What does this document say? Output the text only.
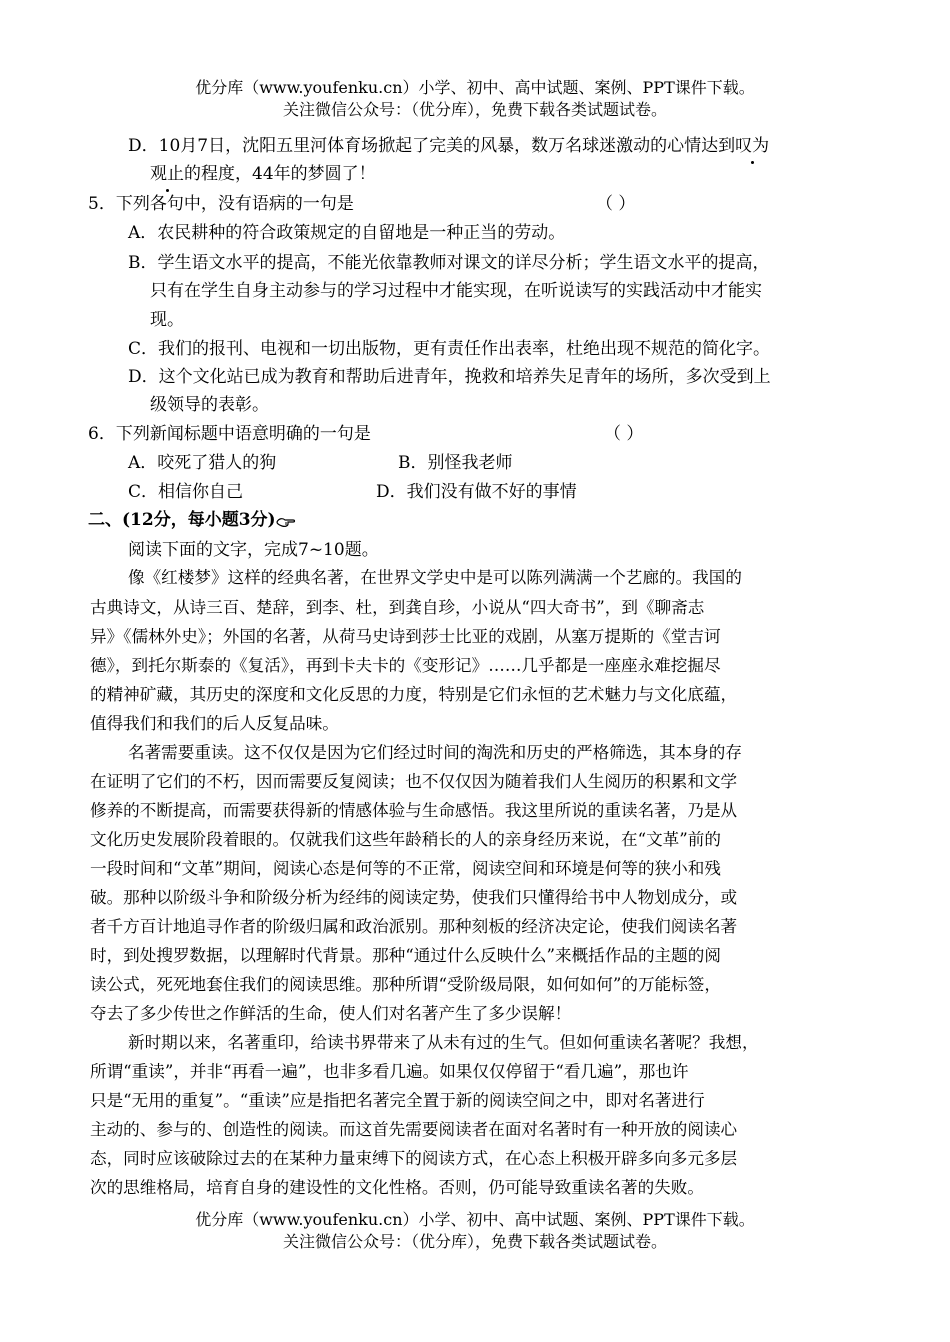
优分库（www.youfenku.cn）小学、初中、高中试题、案例、PPT课件下载。
关注微信公众号：（优分库），免费下载各类试题试卷。
D．10月7日，沈阳五里河体育场掀起了完美的风暴，数万名球迷激动的心情达到叹为
观止的程度，44年的梦圆了！
5．下列各句中，没有语病的一句是	（ ）
A．农民耕种的符合政策规定的自留地是一种正当的劳动。
B．学生语文水平的提高，不能光依靠教师对课文的详尽分析；学生语文水平的提高，
只有在学生自身主动参与的学习过程中才能实现，在听说读写的实践活动中才能实
现。
C．我们的报刊、电视和一切出版物，更有责任作出表率，杜绝出现不规范的简化字。
D．这个文化站已成为教育和帮助后进青年，挽救和培养失足青年的场所，多次受到上
级领导的表彰。
6．下列新闻标题中语意明确的一句是	（ ）
A．咬死了猎人的狗	B．别怪我老师
C．相信你自己	D．我们没有做不好的事情
二、(12分，每小题3分)
阅读下面的文字，完成7~10题。
像《红楼梦》这样的经典名著，在世界文学史中是可以陈列满满一个艺廊的。我国的
古典诗文，从诗三百、楚辞，到李、杜，到龚自珍，小说从“四大奇书”，到《聊斋志
异》《儒林外史》；外国的名著，从荷马史诗到莎士比亚的戏剧，从塞万提斯的《堂吉诃
德》，到托尔斯泰的《复活》，再到卡夫卡的《变形记》……几乎都是一座座永难挖掘尽
的精神矿藏，其历史的深度和文化反思的力度，特别是它们永恒的艺术魅力与文化底蕴，
值得我们和我们的后人反复品味。
名著需要重读。这不仅仅是因为它们经过时间的淘洗和历史的严格筛选，其本身的存
在证明了它们的不朽，因而需要反复阅读；也不仅仅因为随着我们人生阅历的积累和文学
修养的不断提高，而需要获得新的情感体验与生命感悟。我这里所说的重读名著，乃是从
文化历史发展阶段着眼的。仅就我们这些年龄稍长的人的亲身经历来说，在“文革”前的
一段时间和“文革”期间，阅读心态是何等的不正常，阅读空间和环境是何等的狭小和残
破。那种以阶级斗争和阶级分析为经纬的阅读定势，使我们只懂得给书中人物划成分，或
者千方百计地追寻作者的阶级归属和政治派别。那种刻板的经济决定论，使我们阅读名著
时，到处搜罗数据，以理解时代背景。那种“通过什么反映什么”来概括作品的主题的阅
读公式，死死地套住我们的阅读思维。那种所谓“受阶级局限，如何如何”的万能标签，
夺去了多少传世之作鲜活的生命，使人们对名著产生了多少误解！
新时期以来，名著重印，给读书界带来了从未有过的生气。但如何重读名著呢？我想，
所谓“重读”，并非“再看一遍”，也非多看几遍。如果仅仅停留于“看几遍”，那也许
只是“无用的重复”。“重读”应是指把名著完全置于新的阅读空间之中，即对名著进行
主动的、参与的、创造性的阅读。而这首先需要阅读者在面对名著时有一种开放的阅读心
态，同时应该破除过去的在某种力量束缚下的阅读方式，在心态上积极开辟多向多元多层
次的思维格局，培育自身的建设性的文化性格。否则，仍可能导致重读名著的失败。
优分库（www.youfenku.cn）小学、初中、高中试题、案例、PPT课件下载。
关注微信公众号：（优分库），免费下载各类试题试卷。
